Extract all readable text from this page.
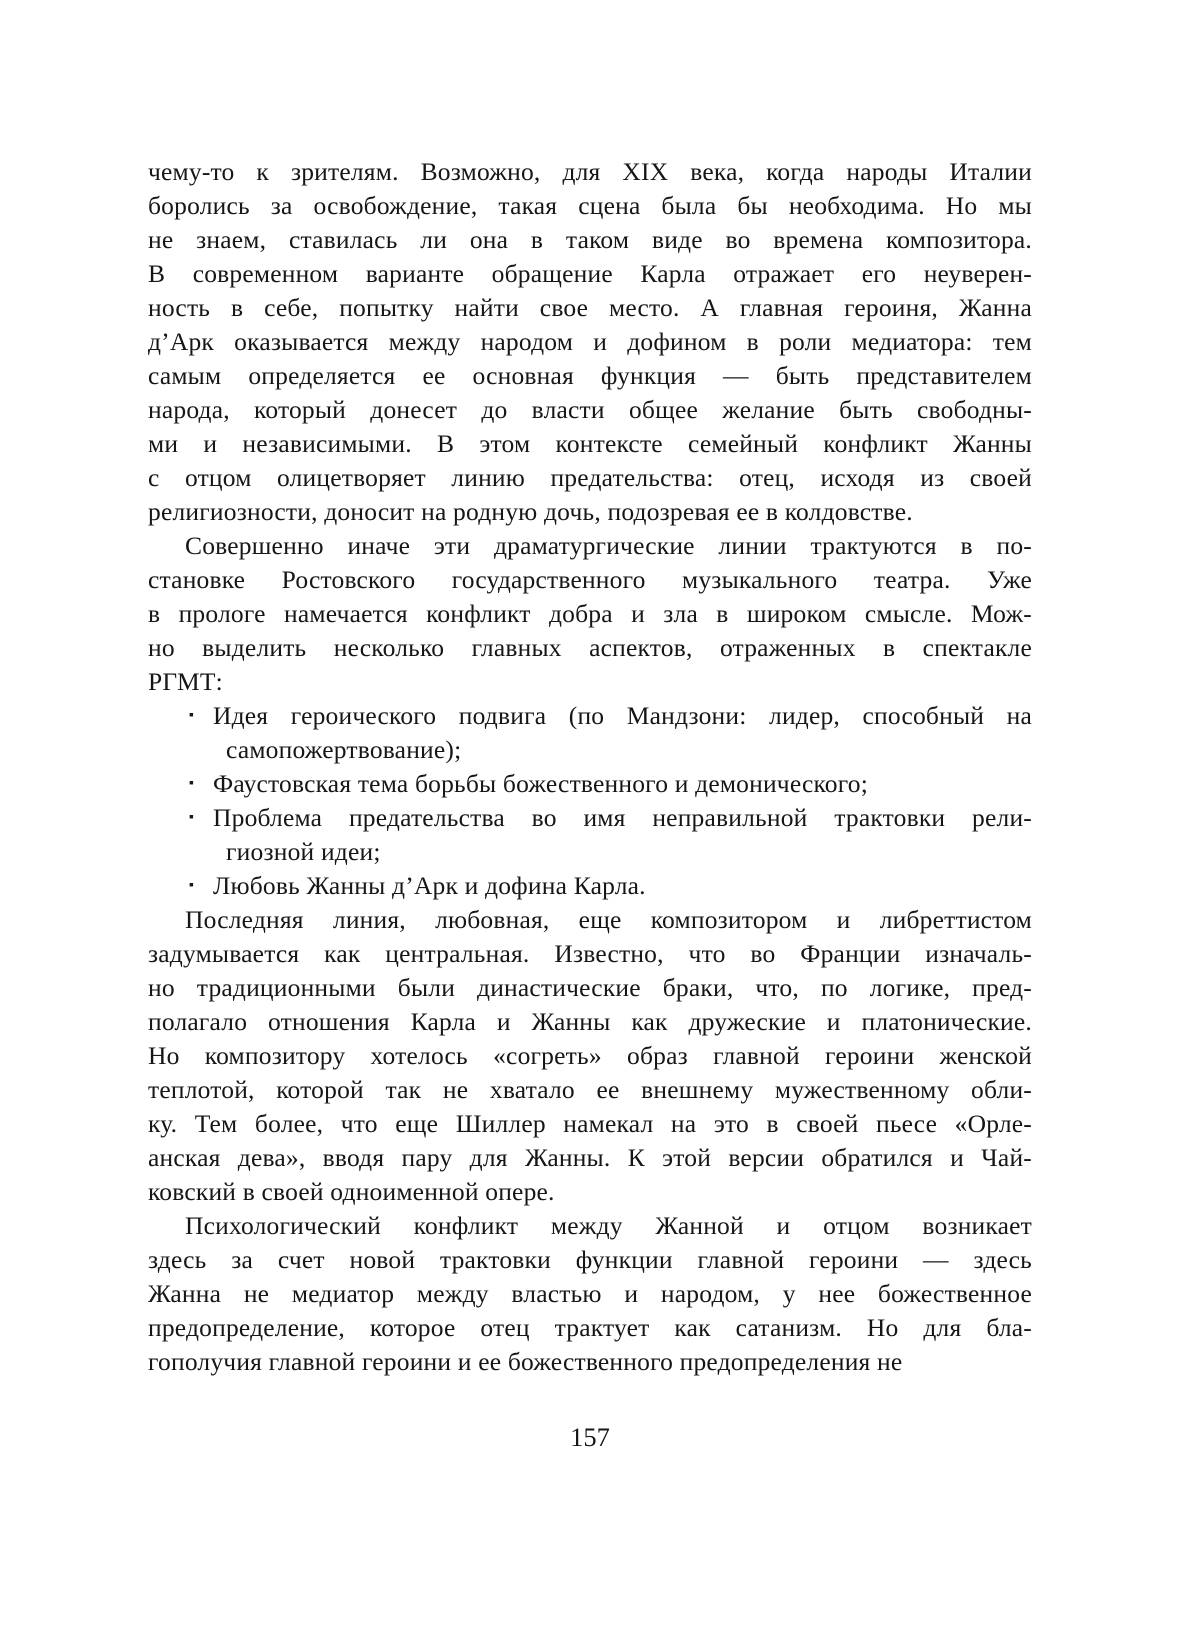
чему-то к зрителям. Возможно, для XIX века, когда народы Италии
боролись за освобождение, такая сцена была бы необходима. Но мы
не знаем, ставилась ли она в таком виде во времена композитора.
В современном варианте обращение Карла отражает его неуверен-
ность в себе, попытку найти свое место. А главная героиня, Жанна
д’Арк оказывается между народом и дофином в роли медиатора: тем
самым определяется ее основная функция — быть представителем
народа, который донесет до власти общее желание быть свободны-
ми и независимыми. В этом контексте семейный конфликт Жанны
с отцом олицетворяет линию предательства: отец, исходя из своей
религиозности, доносит на родную дочь, подозревая ее в колдовстве.
Совершенно иначе эти драматургические линии трактуются в по-
становке Ростовского государственного музыкального театра. Уже
в прологе намечается конфликт добра и зла в широком смысле. Мож-
но выделить несколько главных аспектов, отраженных в спектакле
РГМТ:
▪ Идея героического подвига (по Мандзони: лидер, способный на
самопожертвование);
▪ Фаустовская тема борьбы божественного и демонического;
▪ Проблема предательства во имя неправильной трактовки рели-
гиозной идеи;
▪ Любовь Жанны д’Арк и дофина Карла.
Последняя линия, любовная, еще композитором и либреттистом
задумывается как центральная. Известно, что во Франции изначаль-
но традиционными были династические браки, что, по логике, пред-
полагало отношения Карла и Жанны как дружеские и платонические.
Но композитору хотелось «согреть» образ главной героини женской
теплотой, которой так не хватало ее внешнему мужественному обли-
ку. Тем более, что еще Шиллер намекал на это в своей пьесе «Орле-
анская дева», вводя пару для Жанны. К этой версии обратился и Чай-
ковский в своей одноименной опере.
Психологический конфликт между Жанной и отцом возникает
здесь за счет новой трактовки функции главной героини — здесь
Жанна не медиатор между властью и народом, у нее божественное
предопределение, которое отец трактует как сатанизм. Но для бла-
гополучия главной героини и ее божественного предопределения не
157
